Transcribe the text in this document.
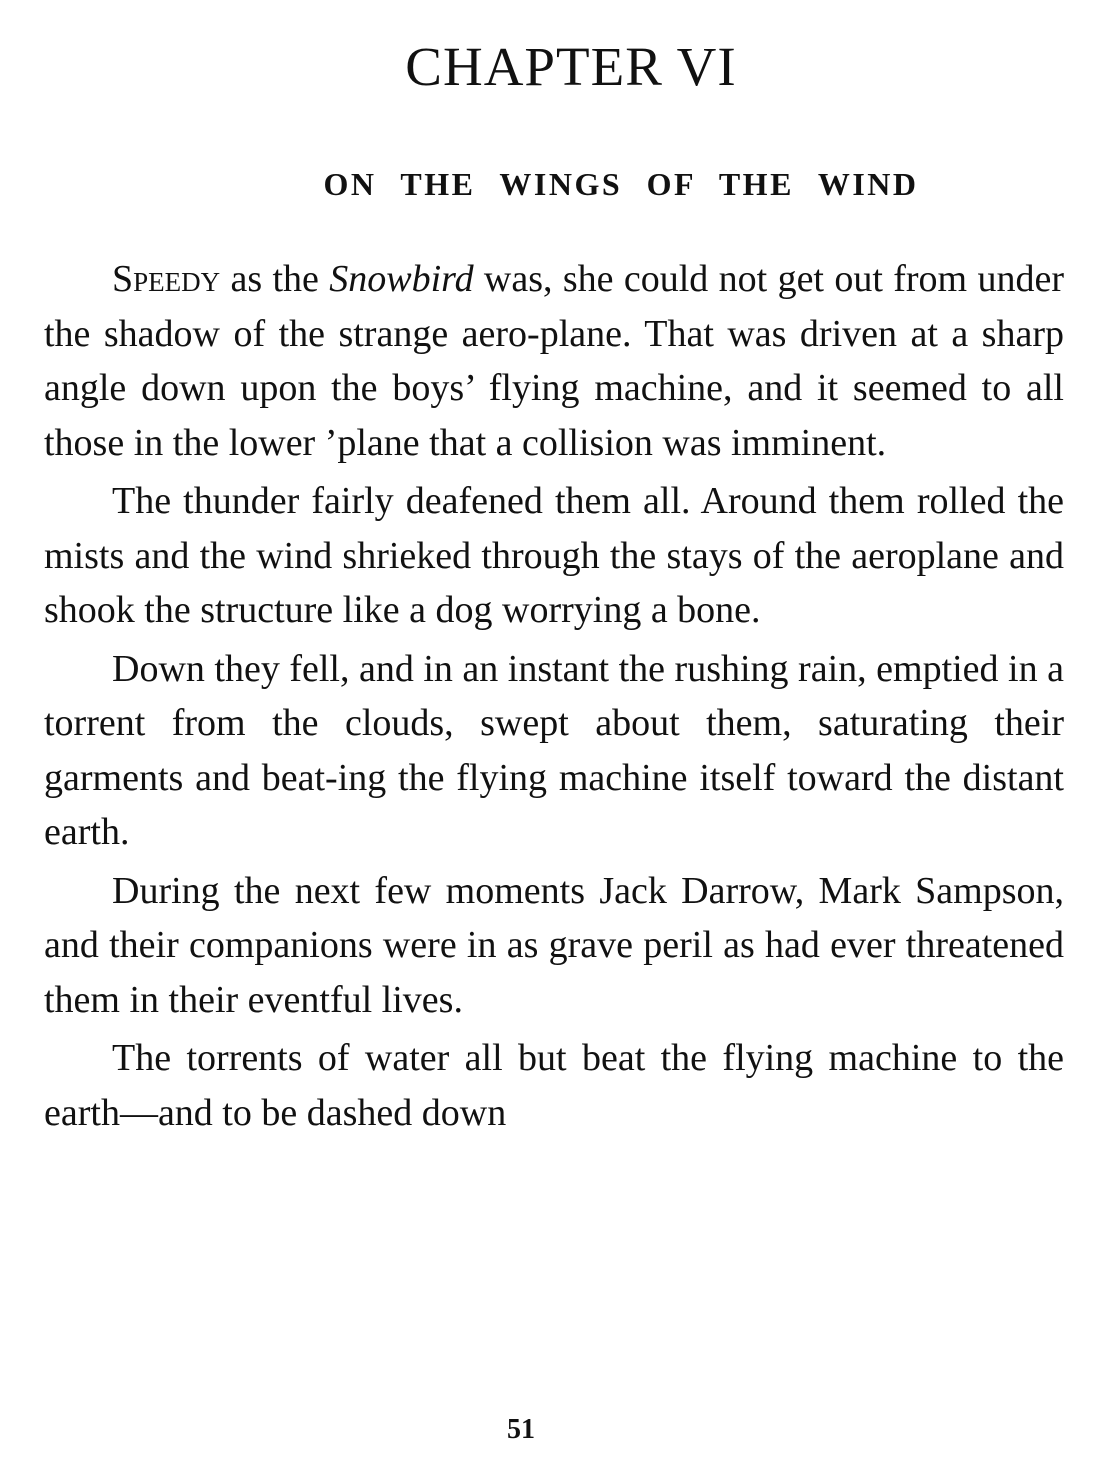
CHAPTER VI
ON THE WINGS OF THE WIND

Speedy as the Snowbird was, she could not get out from under the shadow of the strange aero-plane. That was driven at a sharp angle down upon the boys’ flying machine, and it seemed to all those in the lower ’plane that a collision was imminent.

The thunder fairly deafened them all. Around them rolled the mists and the wind shrieked through the stays of the aeroplane and shook the structure like a dog worrying a bone.

Down they fell, and in an instant the rushing rain, emptied in a torrent from the clouds, swept about them, saturating their garments and beat-ing the flying machine itself toward the distant earth.

During the next few moments Jack Darrow, Mark Sampson, and their companions were in as grave peril as had ever threatened them in their eventful lives.

The torrents of water all but beat the flying machine to the earth—and to be dashed down

51
